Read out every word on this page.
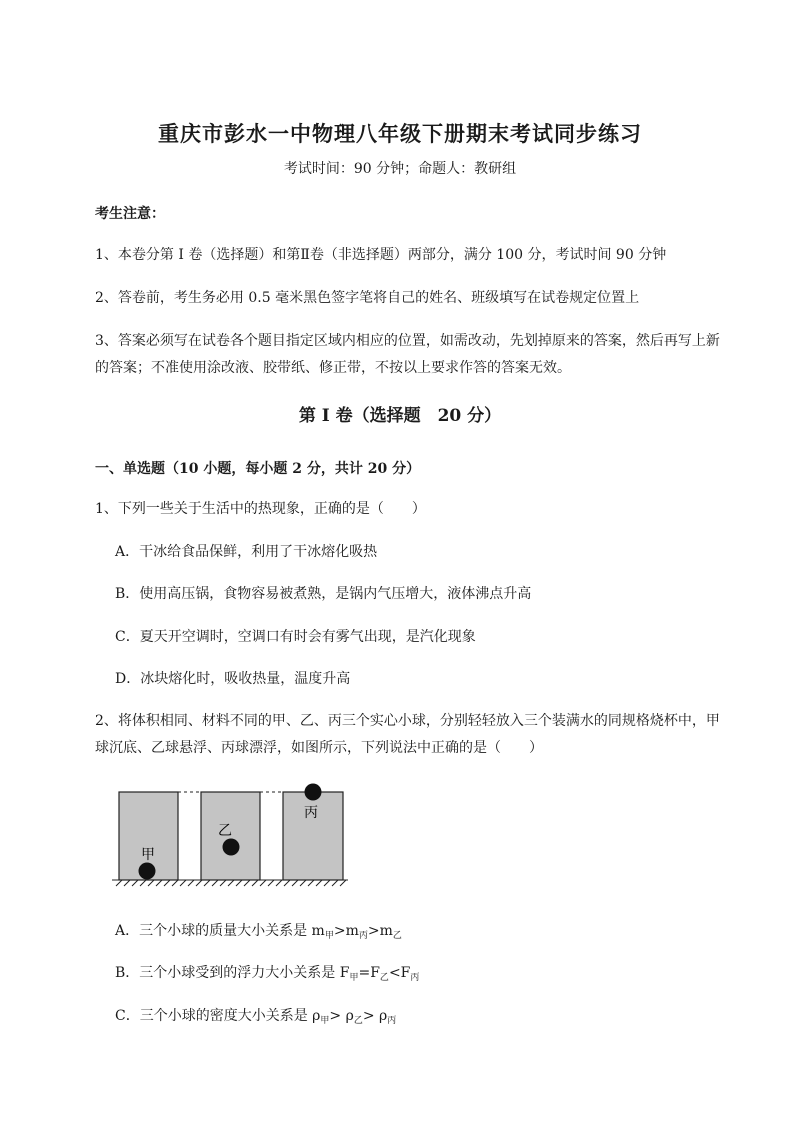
重庆市彭水一中物理八年级下册期末考试同步练习
考试时间：90 分钟；命题人：教研组
考生注意：
1、本卷分第 I 卷（选择题）和第Ⅱ卷（非选择题）两部分，满分 100 分，考试时间 90 分钟
2、答卷前，考生务必用 0.5 毫米黑色签字笔将自己的姓名、班级填写在试卷规定位置上
3、答案必须写在试卷各个题目指定区域内相应的位置，如需改动，先划掉原来的答案，然后再写上新
的答案；不准使用涂改液、胶带纸、修正带，不按以上要求作答的答案无效。
第 I 卷（选择题　20 分）
一、单选题（10 小题，每小题 2 分，共计 20 分）
1、下列一些关于生活中的热现象，正确的是（　　）
A．干冰给食品保鲜，利用了干冰熔化吸热
B．使用高压锅，食物容易被煮熟，是锅内气压增大，液体沸点升高
C．夏天开空调时，空调口有时会有雾气出现，是汽化现象
D．冰块熔化时，吸收热量，温度升高
2、将体积相同、材料不同的甲、乙、丙三个实心小球，分别轻轻放入三个装满水的同规格烧杯中，甲
球沉底、乙球悬浮、丙球漂浮，如图所示，下列说法中正确的是（　　）
甲
乙
丙
A．三个小球的质量大小关系是 $m_甲>m_丙>m_乙$
B．三个小球受到的浮力大小关系是 $F_甲=F_乙<F_丙$
C．三个小球的密度大小关系是 $\rho_甲> \rho_乙> \rho_丙$
